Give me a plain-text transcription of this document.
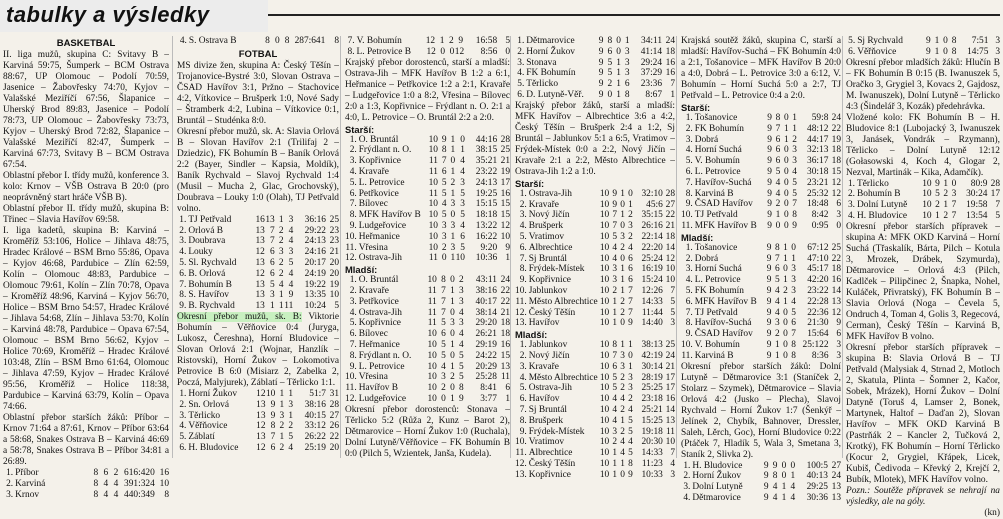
tabulky a výsledky
BASKETBAL

II. liga mužů, skupina C: Svitavy B – Karviná 59:75, Šumperk – BCM Ostrava 88:67, UP Olomouc – Podolí 70:59, Jasenice – Žabovřesky 74:70, Kyjov – Valašské Meziříčí 67:56, Šlapanice – Uherský Brod 89:83, Jasenice – Podolí 78:73, UP Olomouc – Žabovřesky 73:73, Kyjov – Uherský Brod 72:82, Šlapanice – Valašské Meziříčí 82:47, Šumperk – Karviná 67:73, Svitavy B – BCM Ostrava 67:54.

Oblastní přebor I. třídy mužů, konference 3. kolo: Krnov – VŠB Ostrava B 20:0 (pro neoprávněný start hráče VŠB B).

Oblastní přebor II. třídy mužů, skupina B: Třinec – Slavia Havířov 69:58.

I. liga kadetů, skupina B: Karviná – Kroměříž 53:106, Holice – Jihlava 48:75, Hradec Králové – BSM Brno 55:86, Opava – Kyjov 46:68, Pardubice – Zlín 62:59, Kolín – Olomouc 48:83, Pardubice – Olomouc 79:61, Kolín – Zlín 70:78, Opava – Kroměříž 48:96, Karviná – Kyjov 56:70, Holice – BSM Brno 54:57, Hradec Králové – Jihlava 54:68, Zlín – Jihlava 53:70, Kolín – Karviná 48:78, Pardubice – Opava 67:54, Olomouc – BSM Brno 56:62, Kyjov – Holice 70:69, Kroměříž – Hradec Králové 103:48, Zlín – BSM Brno 61:64, Olomouc – Jihlava 47:59, Kyjov – Hradec Králové 95:56, Kroměříž – Holice 118:38, Pardubice – Karviná 63:79, Kolín – Opava 74:66.

Oblastní přebor starších žáků: Příbor – Krnov 71:64 a 87:61, Krnov – Příbor 63:64 a 58:68, Snakes Ostrava B – Karviná 46:69 a 58:78, Snakes Ostrava B – Příbor 34:81 a 26:89.

1.	Příbor	8	6	2	616:420	16
2.	Karviná	8	4	4	391:324	10
3.	Krnov	8	4	4	440:349	8
4.	S. Ostrava B	8	0	8	287:641	8
FOTBAL

MS divize žen, skupina A: Český Těšín – Trojanovice-Bystré 3:0, Slovan Ostrava – ČSAD Havířov 3:1, Pržno – Stachovice 4:2, Vítkovice – Brušperk 1:0, Nové Sady – Štramberk 4:2, Lubina – Vítkovice 0:1, Bruntál – Studénka 8:0.

Okresní přebor mužů, sk. A: Slavia Orlová B – Slovan Havířov 2:1 (Trilifaj 2 – Dziedzic), FK Bohumín B – Baník Orlová 2:2 (Bayer, Sindler – Kapsia, Moldík), Baník Rychvald – Slavoj Rychvald 1:4 (Musil – Mucha 2, Glac, Grochovský), Doubrava – Louky 1:0 (Olah), TJ Petřvald volno.

1.	TJ Petřvald	16	13	1	3	36:16	25
2.	Orlová B	13	7	2	4	29:22	23
3.	Doubrava	13	7	2	4	24:13	23
4.	Louky	12	6	3	3	24:16	21
5.	Sl. Rychvald	13	6	2	5	20:17	20
6.	B. Orlová	12	6	2	4	24:19	20
7.	Bohumín B	13	5	4	4	19:22	19
8.	S. Havířov	13	3	1	9	13:35	10
9.	B. Rychvald	13	1	1	11	10:24	5

Okresní přebor mužů, sk. B: Viktorie Bohumín – Věřňovice 0:4 (Juryga, Lukosz, Čereshna), Horní Bludovice – Slovan Orlová 2:1 (Wojnar, Hanzlík – Ristovski), Horní Žukov – Lokomotiva Petrovice B 6:0 (Misiarz 2, Zabelka 2, Poczá, Malyjurek), Záblatí – Těrlicko 1:1.

1.	Horní Žukov	12	10	1	1	51:7	31
2.	Sn. Orlová	13	9	1	3	38:16	28
3.	Těrlicko	13	9	3	1	40:15	27
4.	Věřňovice	12	8	2	2	33:12	26
5.	Záblatí	13	7	1	5	26:22	22
6.	H. Bludovice	12	6	2	4	25:19	20
7.	V. Bohumín	12	1	2	9	16:58	5
8.	L. Petrovice B	12	0	0	12	8:56	0

Krajský přebor dorostenců, starší a mladší: Ostrava-Jih – MFK Havířov B 1:2 a 6:1, Heřmanice – Petřkovice 1:2 a 2:1, Kravaře – Ludgeřovice 1:0 a 8:2, Vřesina – Bílovec 2:0 a 1:3, Kopřivnice – Frýdlant n. O. 2:1 a 4:0, L. Petrovice – O. Bruntál 2:2 a 2:0.

Starší:
1.	O. Bruntál	10	9	1	0	44:16	28
2.	Frýdlant n. O.	10	8	1	1	38:15	25
3.	Kopřivnice	11	7	0	4	35:21	21
4.	Kravaře	11	6	1	4	23:22	19
5.	L. Petrovice	10	5	2	3	24:13	17
6.	Petřkovice	11	5	1	5	19:25	16
7.	Bílovec	10	4	3	3	15:15	15
8.	MFK Havířov B	10	5	0	5	18:18	15
9.	Ludgeřovice	10	3	3	4	13:22	12
10.	Heřmanice	10	3	1	6	16:22	10
11.	Vřesina	10	2	3	5	9:20	9
12.	Ostrava-Jih	11	0	1	10	10:36	1
Mladší:
1.	O. Bruntál	10	8	0	2	43:11	24
2.	Kravaře	11	7	1	3	38:16	22
3.	Petřkovice	11	7	1	3	40:17	22
4.	Ostrava-Jih	11	7	0	4	38:14	21
5.	Kopřivnice	11	5	3	3	29:20	18
6.	Bílovec	10	6	0	4	26:21	18
7.	Heřmanice	10	5	1	4	29:19	16
8.	Frýdlant n. O.	10	5	0	5	24:22	15
9.	L. Petrovice	10	4	1	5	20:29	13
10.	Vřesina	10	3	2	5	25:28	11
11.	Havířov B	10	2	0	8	8:41	6
12.	Ludgeřovice	10	0	1	9	3:77	1

Okresní přebor dorostenců: Stonava – Těrlicko 5:2 (Růža 2, Kunz – Barot 2), Dětmarovice – Horní Žukov 1:0 (Ruchala), Dolní Lutyně/Věřňovice – FK Bohumín B 0:0 (Pilch 5, Wzientek, Janša, Kudela).

1.	Dětmarovice	9	8	0	1	34:11	24
2.	Horní Žukov	9	6	0	3	41:14	18
3.	Stonava	9	5	1	3	29:24	16
4.	FK Bohumín	9	5	1	3	37:29	16
5.	Těrlicko	9	2	1	6	23:36	7
6.	D. Lutyně-Věř.	9	0	1	8	8:67	1

Krajský přebor žáků, starší a mladší: MFK Havířov – Albrechtice 3:6 a 4:2, Český Těšín – Brušperk 2:4 a 1:2, Sj Bruntál – Jablunkov 5:1 a 6:5, Vratimov – Frýdek-Místek 0:0 a 2:2, Nový Jičín – Kravaře 2:1 a 2:2, Město Albrechtice – Ostrava-Jih 1:2 a 1:0.

Starší:
1.	Ostrava-Jih	10	9	1	0	32:10	28
2.	Kravaře	10	9	0	1	45:6	27
3.	Nový Jičín	10	7	1	2	35:15	22
4.	Brušperk	10	7	0	3	26:16	21
5.	Vratimov	10	5	3	2	22:14	18
6.	Albrechtice	10	4	2	4	22:20	14
7.	Sj Bruntál	10	4	0	6	25:24	12
8.	Frýdek-Místek	10	3	1	6	16:19	10
9.	Kopřivnice	10	3	1	6	15:24	10
10.	Jablunkov	10	2	1	7	12:26	7
11.	Město Albrechtice	10	1	2	7	14:33	5
12.	Český Těšín	10	1	2	7	11:44	5
13.	Havířov	10	1	0	9	14:40	3
Mladší:
1.	Jablunkov	10	8	1	1	38:13	25
2.	Nový Jičín	10	7	3	0	42:19	24
3.	Kravaře	10	6	3	1	30:14	21
4.	Město Albrechtice	10	5	2	3	28:19	17
5.	Ostrava-Jih	10	5	2	3	25:25	17
6.	Havířov	10	4	4	2	23:18	16
7.	Sj Bruntál	10	4	2	4	25:21	14
8.	Brušperk	10	4	1	5	15:25	13
9.	Frýdek-Místek	10	3	2	5	19:18	11
10.	Vratimov	10	2	4	4	20:30	10
11.	Albrechtice	10	1	4	5	14:33	7
12.	Český Těšín	10	1	1	8	11:23	4
13.	Kopřivnice	10	1	0	9	10:33	3

Krajská soutěž žáků, skupina C, starší a mladší: Havířov-Suchá – FK Bohumín 4:0 a 2:1, Tošanovice – MFK Havířov B 20:0 a 4:0, Dobrá – L. Petrovice 3:0 a 6:12, V. Bohumín – Horní Suchá 5:0 a 2:7, TJ Petřvald – L. Petrovice 0:4 a 2:0.

Starší:
1.	Tošanovice	9	8	0	1	59:8	24
2.	FK Bohumín	9	7	1	1	48:12	22
3.	Dobrá	9	6	1	2	44:17	19
4.	Horní Suchá	9	6	0	3	32:13	18
5.	V. Bohumín	9	6	0	3	36:17	18
6.	L. Petrovice	9	5	0	4	30:18	15
7.	Havířov-Suchá	9	4	0	5	23:21	12
8.	Karviná B	9	4	0	5	25:32	12
9.	ČSAD Havířov	9	2	0	7	18:48	6
10.	TJ Petřvald	9	1	0	8	8:42	3
11.	MFK Havířov B	9	0	0	9	0:95	0
Mladší:
1.	Tošanovice	9	8	1	0	67:12	25
2.	Dobrá	9	7	1	1	47:10	22
3.	Horní Suchá	9	6	0	3	45:17	18
4.	L. Petrovice	9	5	1	3	42:20	16
5.	FK Bohumín	9	4	2	3	23:22	14
6.	MFK Havířov B	9	4	1	4	22:28	13
7.	TJ Petřvald	9	4	0	5	22:36	12
8.	Havířov-Suchá	9	3	0	6	21:30	9
9.	ČSAD Havířov	9	2	0	7	15:64	6
10.	V. Bohumín	9	1	0	8	25:122	3
11.	Karviná B	9	1	0	8	8:36	3

Okresní přebor starších žáků: Dolní Lutyně – Dětmarovice 3:1 (Staníček 2, Stolarz – Szymek), Dětmarovice – Slavia Orlová 4:2 (Jusko – Plecha), Slavoj Rychvald – Horní Žukov 1:7 (Šenkýř – Jelínek 2, Chybík, Bahnover, Dressler, Saleh, Lěrch, Goc), Horní Bludovice 0:22 (Ptáček 7, Hladík 5, Wala 3, Smetana 3, Staník 2, Slivka 2).

1.	H. Bludovice	9	9	0	0	100:5	27
2.	Horní Žukov	9	8	0	1	40:13	24
3.	Dolní Lutyně	9	4	1	4	29:25	13
4.	Dětmarovice	9	4	1	4	30:36	13
5.	Sj Rychvald	9	1	0	8	7:51	3
6.	Věřňovice	9	1	0	8	14:75	3

Okresní přebor mladších žáků: Hlučín B – FK Bohumín B 0:15 (B. Iwanuszek 5, Oračko 3, Grygiel 3, Kovacs 2, Gajdosz, M. Iwanuszek), Dolní Lutyně – Těrlicko 4:3 (Šindelář 3, Kozák) předehrávka.

Vložené kolo: FK Bohumín B – H. Bludovice 8:1 (Lubojacký 3, Iwanuszek 3, Janásek, Vondrák – Rzymann), Těrlicko – Dolní Lutyně 12:12 (Gołasowski 4, Koch 4, Glogar 2, Nezval, Martinák – Kika, Adamčík).

1.	Těrlicko	10	9	1	0	80:9	28
2.	Bohumín B	10	5	2	3	30:24	17
3.	Dolní Lutyně	10	2	1	7	19:58	7
4.	H. Bludovice	10	1	2	7	13:54	5

Okresní přebor starších přípravek – skupina A: MFK OKD Karviná – Horní Suchá (Třaskalík, Bárta, Pilch – Kotula 3, Mrozek, Drábek, Szymurda), Dětmarovice – Orlová 4:3 (Pilch, Kadlček – Pilipčinec 2, Šnapka, Nohel, Kuláček, Přivratský), FK Bohumín B – Slavia Orlová (Noga – Čevela 5, Ondruch 4, Toman 4, Golis 3, Regecová, Cerman), Český Těšín – Karviná B, MFK Havířov B volno.

Okresní přebor starších přípravek – skupina B: Slavia Orlová B – TJ Petřvald (Malysiak 4, Strnad 2, Motloch 2, Skatula, Plinta – Šomner 2, Kačor, Sobek, Mrázek), Horní Žukov – Dolní Datyně (Toruš 4, Lamser 2, Bonek, Martynek, Haltof – Daďan 2), Slovan Havířov – MFK OKD Karviná B (Pastrňák 2 – Kancler 2, Tučková 2, Krotký), FK Bohumín – Horní Těrlicko (Kocur 2, Grygiel, Křápek, Licek, Kubiš, Čedivoda – Křevký 2, Krejčí 2, Bubík, Mlotek), MFK Havířov volno.

Pozn.: Soutěže přípravek se nehrají na výsledky, ale na góly.

(kn)
